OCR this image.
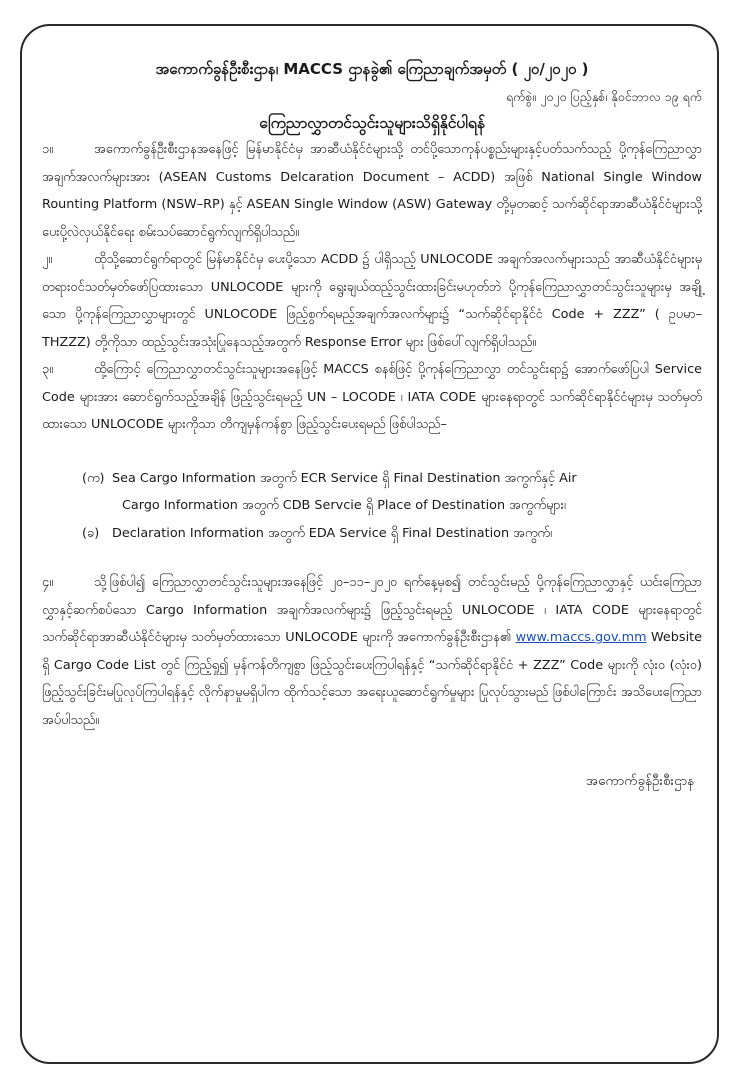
အကောက်ခွန်ဦးစီးဌာန၊ MACCS ဌာနခွဲ၏ ကြေညာချက်အမှတ် ( ၂၀/၂၀၂၀ )
ရက်စွဲ။ ၂၀၂၀ ပြည့်နှစ်၊ နိုဝင်ဘာလ ၁၉ ရက်
ကြေညာလွှာတင်သွင်းသူများသိရှိနိုင်ပါရန်

၁။	အကောက်ခွန်ဦးစီးဌာနအနေဖြင့် မြန်မာနိုင်ငံမှ အာဆီယံနိုင်ငံများသို့ တင်ပို့သောကုန်ပစ္စည်းများနှင့်ပတ်သက်သည့် ပို့ကုန်ကြေညာလွှာအချက်အလက်များအား (ASEAN Customs Delcaration Document – ACDD) အဖြစ် National Single Window Rounting Platform (NSW–RP) နှင့် ASEAN Single Window (ASW) Gateway တို့မှတဆင့် သက်ဆိုင်ရာအာဆီယံနိုင်ငံများသို့ ပေးပို့လဲလှယ်နိုင်ရေး စမ်းသပ်ဆောင်ရွက်လျက်ရှိပါသည်။

၂။	ထိုသို့ဆောင်ရွက်ရာတွင် မြန်မာနိုင်ငံမှ ပေးပို့သော ACDD ၌ ပါရှိသည့် UNLOCODE အချက်အလက်များသည် အာဆီယံနိုင်ငံများမှ တရားဝင်သတ်မှတ်ဖော်ပြထားသော UNLOCODE များကို ရွေးချယ်ထည့်သွင်းထားခြင်းမဟုတ်ဘဲ ပို့ကုန်ကြေညာလွှာတင်သွင်းသူများမှ အချို့သော ပို့ကုန်ကြေညာလွှာများတွင် UNLOCODE ဖြည့်စွက်ရမည့်အချက်အလက်များ၌ “သက်ဆိုင်ရာနိုင်ငံ Code + ZZZ” ( ဥပမာ– THZZZ) တို့ကိုသာ ထည့်သွင်းအသုံးပြုနေသည့်အတွက် Response Error များ ဖြစ်ပေါ်လျက်ရှိပါသည်။

၃။	ထို့ကြောင့် ကြေညာလွှာတင်သွင်းသူများအနေဖြင့် MACCS စနစ်ဖြင့် ပို့ကုန်ကြေညာလွှာ တင်သွင်းရာ၌ အောက်ဖော်ပြပါ Service Code များအား ဆောင်ရွက်သည့်အချိန် ဖြည့်သွင်းရမည့် UN – LOCODE ၊ IATA CODE များနေရာတွင် သက်ဆိုင်ရာနိုင်ငံများမှ သတ်မှတ်ထားသော UNLOCODE များကိုသာ တိကျမှန်ကန်စွာ ဖြည့်သွင်းပေးရမည် ဖြစ်ပါသည်–

(က) Sea Cargo Information အတွက် ECR Service ရှိ Final Destination အကွက်နှင့် Air
Cargo Information အတွက် CDB Servcie ရှိ Place of Destination အကွက်များ၊
(ခ) Declaration Information အတွက် EDA Service ရှိ Final Destination အကွက်၊

၄။	သို့ဖြစ်ပါ၍ ကြေညာလွှာတင်သွင်းသူများအနေဖြင့် ၂၀–၁၁–၂၀၂၀ ရက်နေ့မှစ၍ တင်သွင်းမည့် ပို့ကုန်ကြေညာလွှာနှင့် ယင်းကြေညာလွှာနှင့်ဆက်စပ်သော Cargo Information အချက်အလက်များ၌ ဖြည့်သွင်းရမည့် UNLOCODE ၊ IATA CODE များနေရာတွင် သက်ဆိုင်ရာအာဆီယံနိုင်ငံများမှ သတ်မှတ်ထားသော UNLOCODE များကို အကောက်ခွန်ဦးစီးဌာန၏ www.maccs.gov.mm Website ရှိ Cargo Code List တွင် ကြည့်ရှု၍ မှန်ကန်တိကျစွာ ဖြည့်သွင်းပေးကြပါရန်နှင့် “သက်ဆိုင်ရာနိုင်ငံ + ZZZ” Code များကို လုံးဝ (လုံးဝ) ဖြည့်သွင်းခြင်းမပြုလုပ်ကြပါရန်နှင့် လိုက်နာမှုမရှိပါက ထိုက်သင့်သော အရေးယူဆောင်ရွက်မှုများ ပြုလုပ်သွားမည် ဖြစ်ပါကြောင်း အသိပေးကြေညာအပ်ပါသည်။

အကောက်ခွန်ဦးစီးဌာန
